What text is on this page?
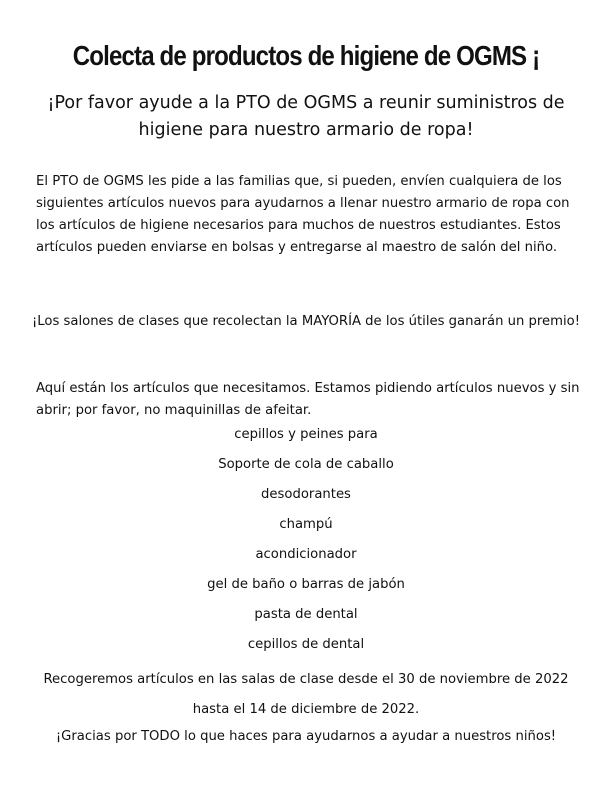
Colecta de productos de higiene de OGMS ¡
¡Por favor ayude a la PTO de OGMS a reunir suministros de higiene para nuestro armario de ropa!
El PTO de OGMS les pide a las familias que, si pueden, envíen cualquiera de los siguientes artículos nuevos para ayudarnos a llenar nuestro armario de ropa con los artículos de higiene necesarios para muchos de nuestros estudiantes. Estos artículos pueden enviarse en bolsas y entregarse al maestro de salón del niño.
¡Los salones de clases que recolectan la MAYORÍA de los útiles ganarán un premio!
Aquí están los artículos que necesitamos. Estamos pidiendo artículos nuevos y sin abrir; por favor, no maquinillas de afeitar.
cepillos y peines para
Soporte de cola de caballo
desodorantes
champú
acondicionador
gel de baño o barras de jabón
pasta de dental
cepillos de dental
Recogeremos artículos en las salas de clase desde el 30 de noviembre de 2022 hasta el 14 de diciembre de 2022.
¡Gracias por TODO lo que haces para ayudarnos a ayudar a nuestros niños!
